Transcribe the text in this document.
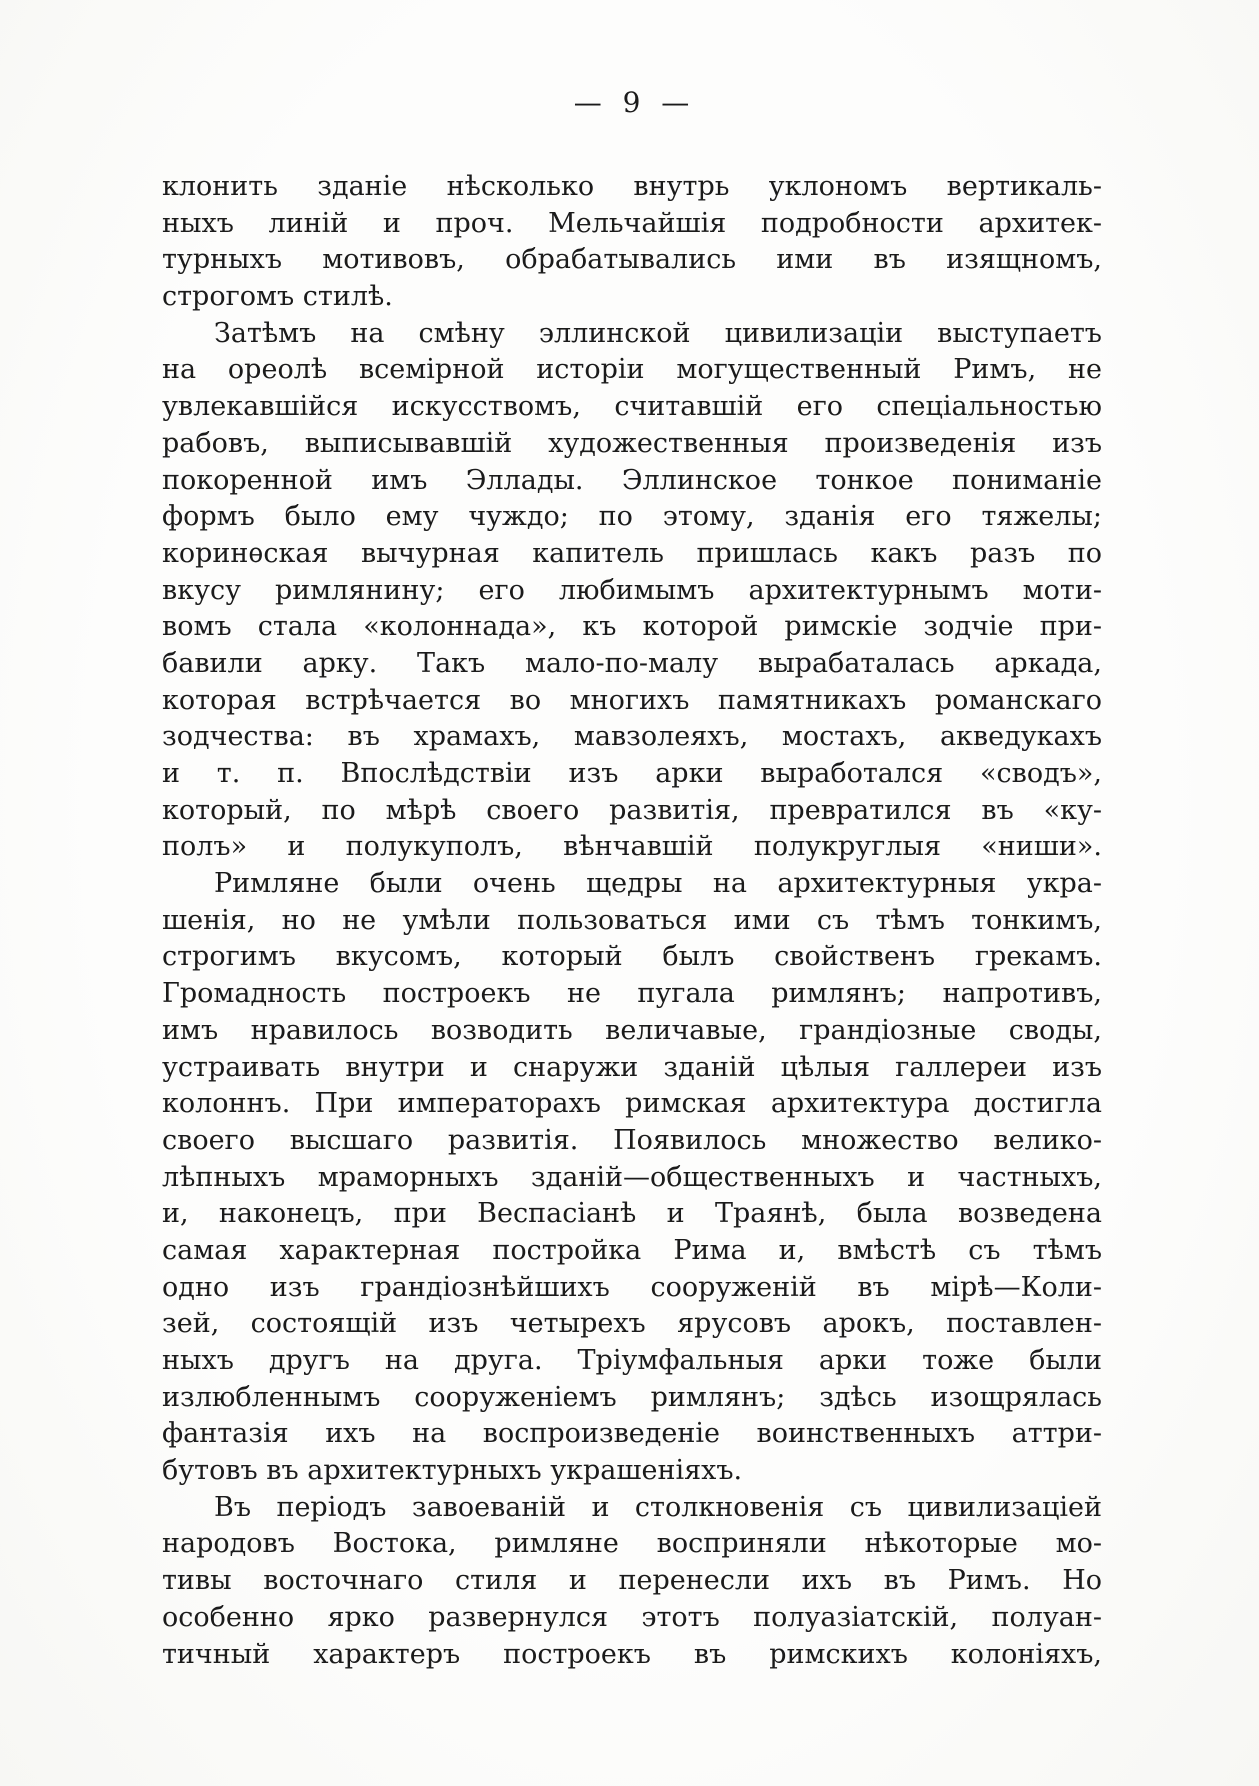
— 9 —
клонить зданіе нѣсколько внутрь уклономъ вертикаль-
ныхъ линій и проч. Мельчайшія подробности архитек-
турныхъ мотивовъ, обрабатывались ими въ изящномъ,
строгомъ стилѣ.
Затѣмъ на смѣну эллинской цивилизаціи выступаетъ
на ореолѣ всемірной исторіи могущественный Римъ, не
увлекавшійся искусствомъ, считавшій его спеціальностью
рабовъ, выписывавшій художественныя произведенія изъ
покоренной имъ Эллады. Эллинское тонкое пониманіе
формъ было ему чуждо; по этому, зданія его тяжелы;
коринѳская вычурная капитель пришлась какъ разъ по
вкусу римлянину; его любимымъ архитектурнымъ моти-
вомъ стала «колоннада», къ которой римскіе зодчіе при-
бавили арку. Такъ мало-по-малу вырабаталась аркада,
которая встрѣчается во многихъ памятникахъ романскаго
зодчества: въ храмахъ, мавзолеяхъ, мостахъ, акведукахъ
и т. п. Впослѣдствіи изъ арки выработался «сводъ»,
который, по мѣрѣ своего развитія, превратился въ «ку-
полъ» и полукуполъ, вѣнчавшій полукруглыя «ниши».
Римляне были очень щедры на архитектурныя укра-
шенія, но не умѣли пользоваться ими съ тѣмъ тонкимъ,
строгимъ вкусомъ, который былъ свойственъ грекамъ.
Громадность построекъ не пугала римлянъ; напротивъ,
имъ нравилось возводить величавые, грандіозные своды,
устраивать внутри и снаружи зданій цѣлыя галлереи изъ
колоннъ. При императорахъ римская архитектура достигла
своего высшаго развитія. Появилось множество велико-
лѣпныхъ мраморныхъ зданій—общественныхъ и частныхъ,
и, наконецъ, при Веспасіанѣ и Траянѣ, была возведена
самая характерная постройка Рима и, вмѣстѣ съ тѣмъ
одно изъ грандіознѣйшихъ сооруженій въ мірѣ—Коли-
зей, состоящій изъ четырехъ ярусовъ арокъ, поставлен-
ныхъ другъ на друга. Тріумфальныя арки тоже были
излюбленнымъ сооруженіемъ римлянъ; здѣсь изощрялась
фантазія ихъ на воспроизведеніе воинственныхъ аттри-
бутовъ въ архитектурныхъ украшеніяхъ.
Въ періодъ завоеваній и столкновенія съ цивилизаціей
народовъ Востока, римляне восприняли нѣкоторые мо-
тивы восточнаго стиля и перенесли ихъ въ Римъ. Но
особенно ярко развернулся этотъ полуазіатскій, полуан-
тичный характеръ построекъ въ римскихъ колоніяхъ,
